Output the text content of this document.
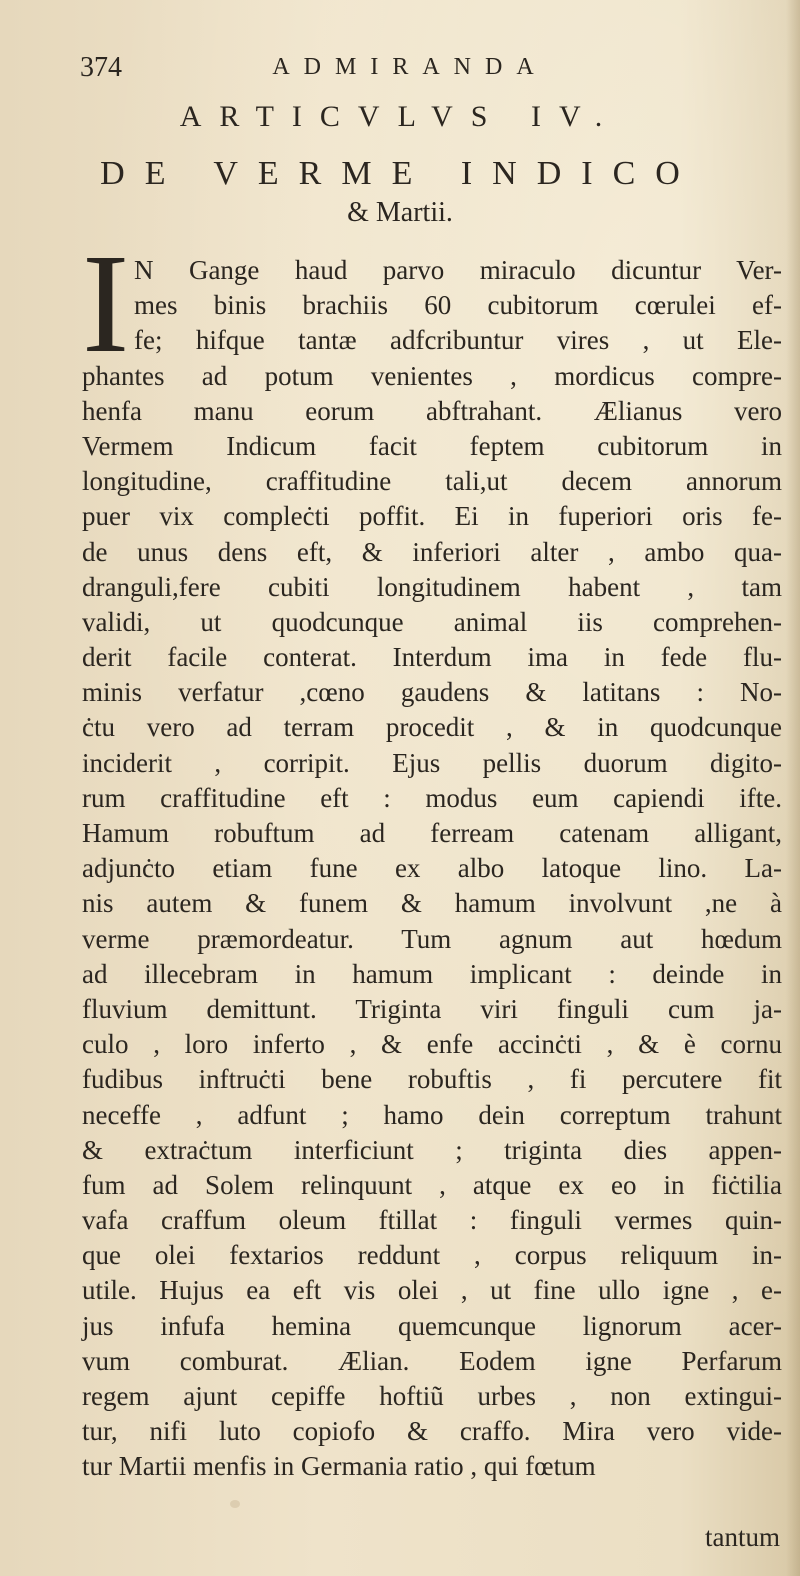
374	ADMIRANDA
ARTICVLVS IV.
DE VERME INDICO
& Martii.
I N Gange haud parvo miraculo dicuntur Ver-
mes binis brachiis 60 cubitorum cœrulei ef-
fe; hifque tantæ adfcribuntur vires , ut Ele-
phantes ad potum venientes , mordicus compre-
henfa manu eorum abftrahant. Ælianus vero
Vermem Indicum facit feptem cubitorum in
longitudine, craffitudine tali,ut decem annorum
puer vix compleċti poffit. Ei in fuperiori oris fe-
de unus dens eft, & inferiori alter , ambo qua-
dranguli,fere cubiti longitudinem habent , tam
validi, ut quodcunque animal iis comprehen-
derit facile conterat. Interdum ima in fede flu-
minis verfatur ,cœno gaudens & latitans : No-
ċtu vero ad terram procedit , & in quodcunque
inciderit , corripit. Ejus pellis duorum digito-
rum craffitudine eft : modus eum capiendi ifte.
Hamum robuftum ad ferream catenam alligant,
adjunċto etiam fune ex albo latoque lino. La-
nis autem & funem & hamum involvunt ,ne à
verme præmordeatur. Tum agnum aut hœdum
ad illecebram in hamum implicant : deinde in
fluvium demittunt. Triginta viri finguli cum ja-
culo , loro inferto , & enfe accinċti , & è cornu
fudibus inftruċti bene robuftis , fi percutere fit
neceffe , adfunt ; hamo dein correptum trahunt
& extraċtum interficiunt ; triginta dies appen-
fum ad Solem relinquunt , atque ex eo in fiċtilia
vafa craffum oleum ftillat : finguli vermes quin-
que olei fextarios reddunt , corpus reliquum in-
utile. Hujus ea eft vis olei , ut fine ullo igne , e-
jus infufa hemina quemcunque lignorum acer-
vum comburat. Ælian. Eodem igne Perfarum
regem ajunt cepiffe hoftiũ urbes , non extingui-
tur, nifi luto copiofo & craffo. Mira vero vide-
tur Martii menfis in Germania ratio , qui fœtum
tantum
